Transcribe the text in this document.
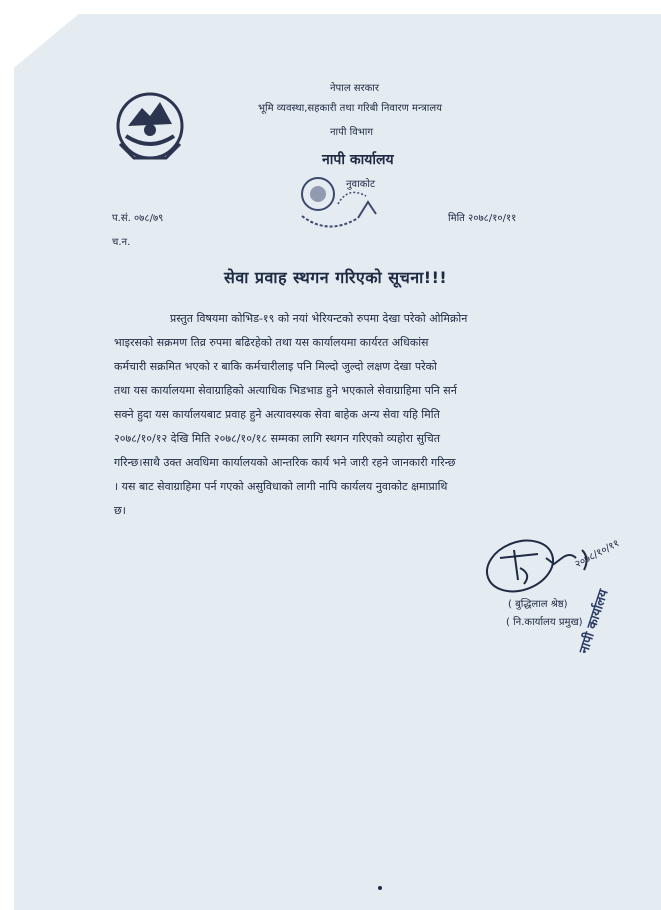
नेपाल सरकार
भूमि व्यवस्था,सहकारी तथा गरिबी निवारण मन्त्रालय
नापी विभाग
नापी कार्यालय
नुवाकोट
प.सं. ०७८/७९
च.न.
मिति २०७८/१०/११
सेवा प्रवाह स्थगन गरिएको सूचना!!!
प्रस्तुत विषयमा कोभिड-१९ को नयां भेरियन्टको रुपमा देखा परेको ओमिक्रोन
भाइरसको सक्रमण तिव्र रुपमा बढिरहेको तथा यस कार्यालयमा कार्यरत अधिकांस
कर्मचारी सक्रमित भएको र बाकि कर्मचारीलाइ पनि मिल्दो जुल्दो लक्षण देखा परेको
तथा यस कार्यालयमा सेवाग्राहिको अत्याधिक भिडभाड हुने भएकाले सेवाग्राहिमा पनि सर्न
सक्ने हुदा यस कार्यालयबाट प्रवाह हुने अत्यावस्यक सेवा बाहेक अन्य सेवा यहि मिति
२०७८/१०/१२ देखि मिति २०७८/१०/१८ सम्मका लागि स्थगन गरिएको व्यहोरा सुचित
गरिन्छ।साथै उक्त अवधिमा कार्यालयको आन्तरिक कार्य भने जारी रहने जानकारी गरिन्छ
। यस बाट सेवाग्राहिमा पर्न गएको असुविधाको लागी नापि कार्यलय नुवाकोट क्षमाप्राथि
छ।
२०७८/१०/११
( बुद्धिलाल श्रेष्ठ)
( नि.कार्यालय प्रमुख)
नापी कार्यालय
